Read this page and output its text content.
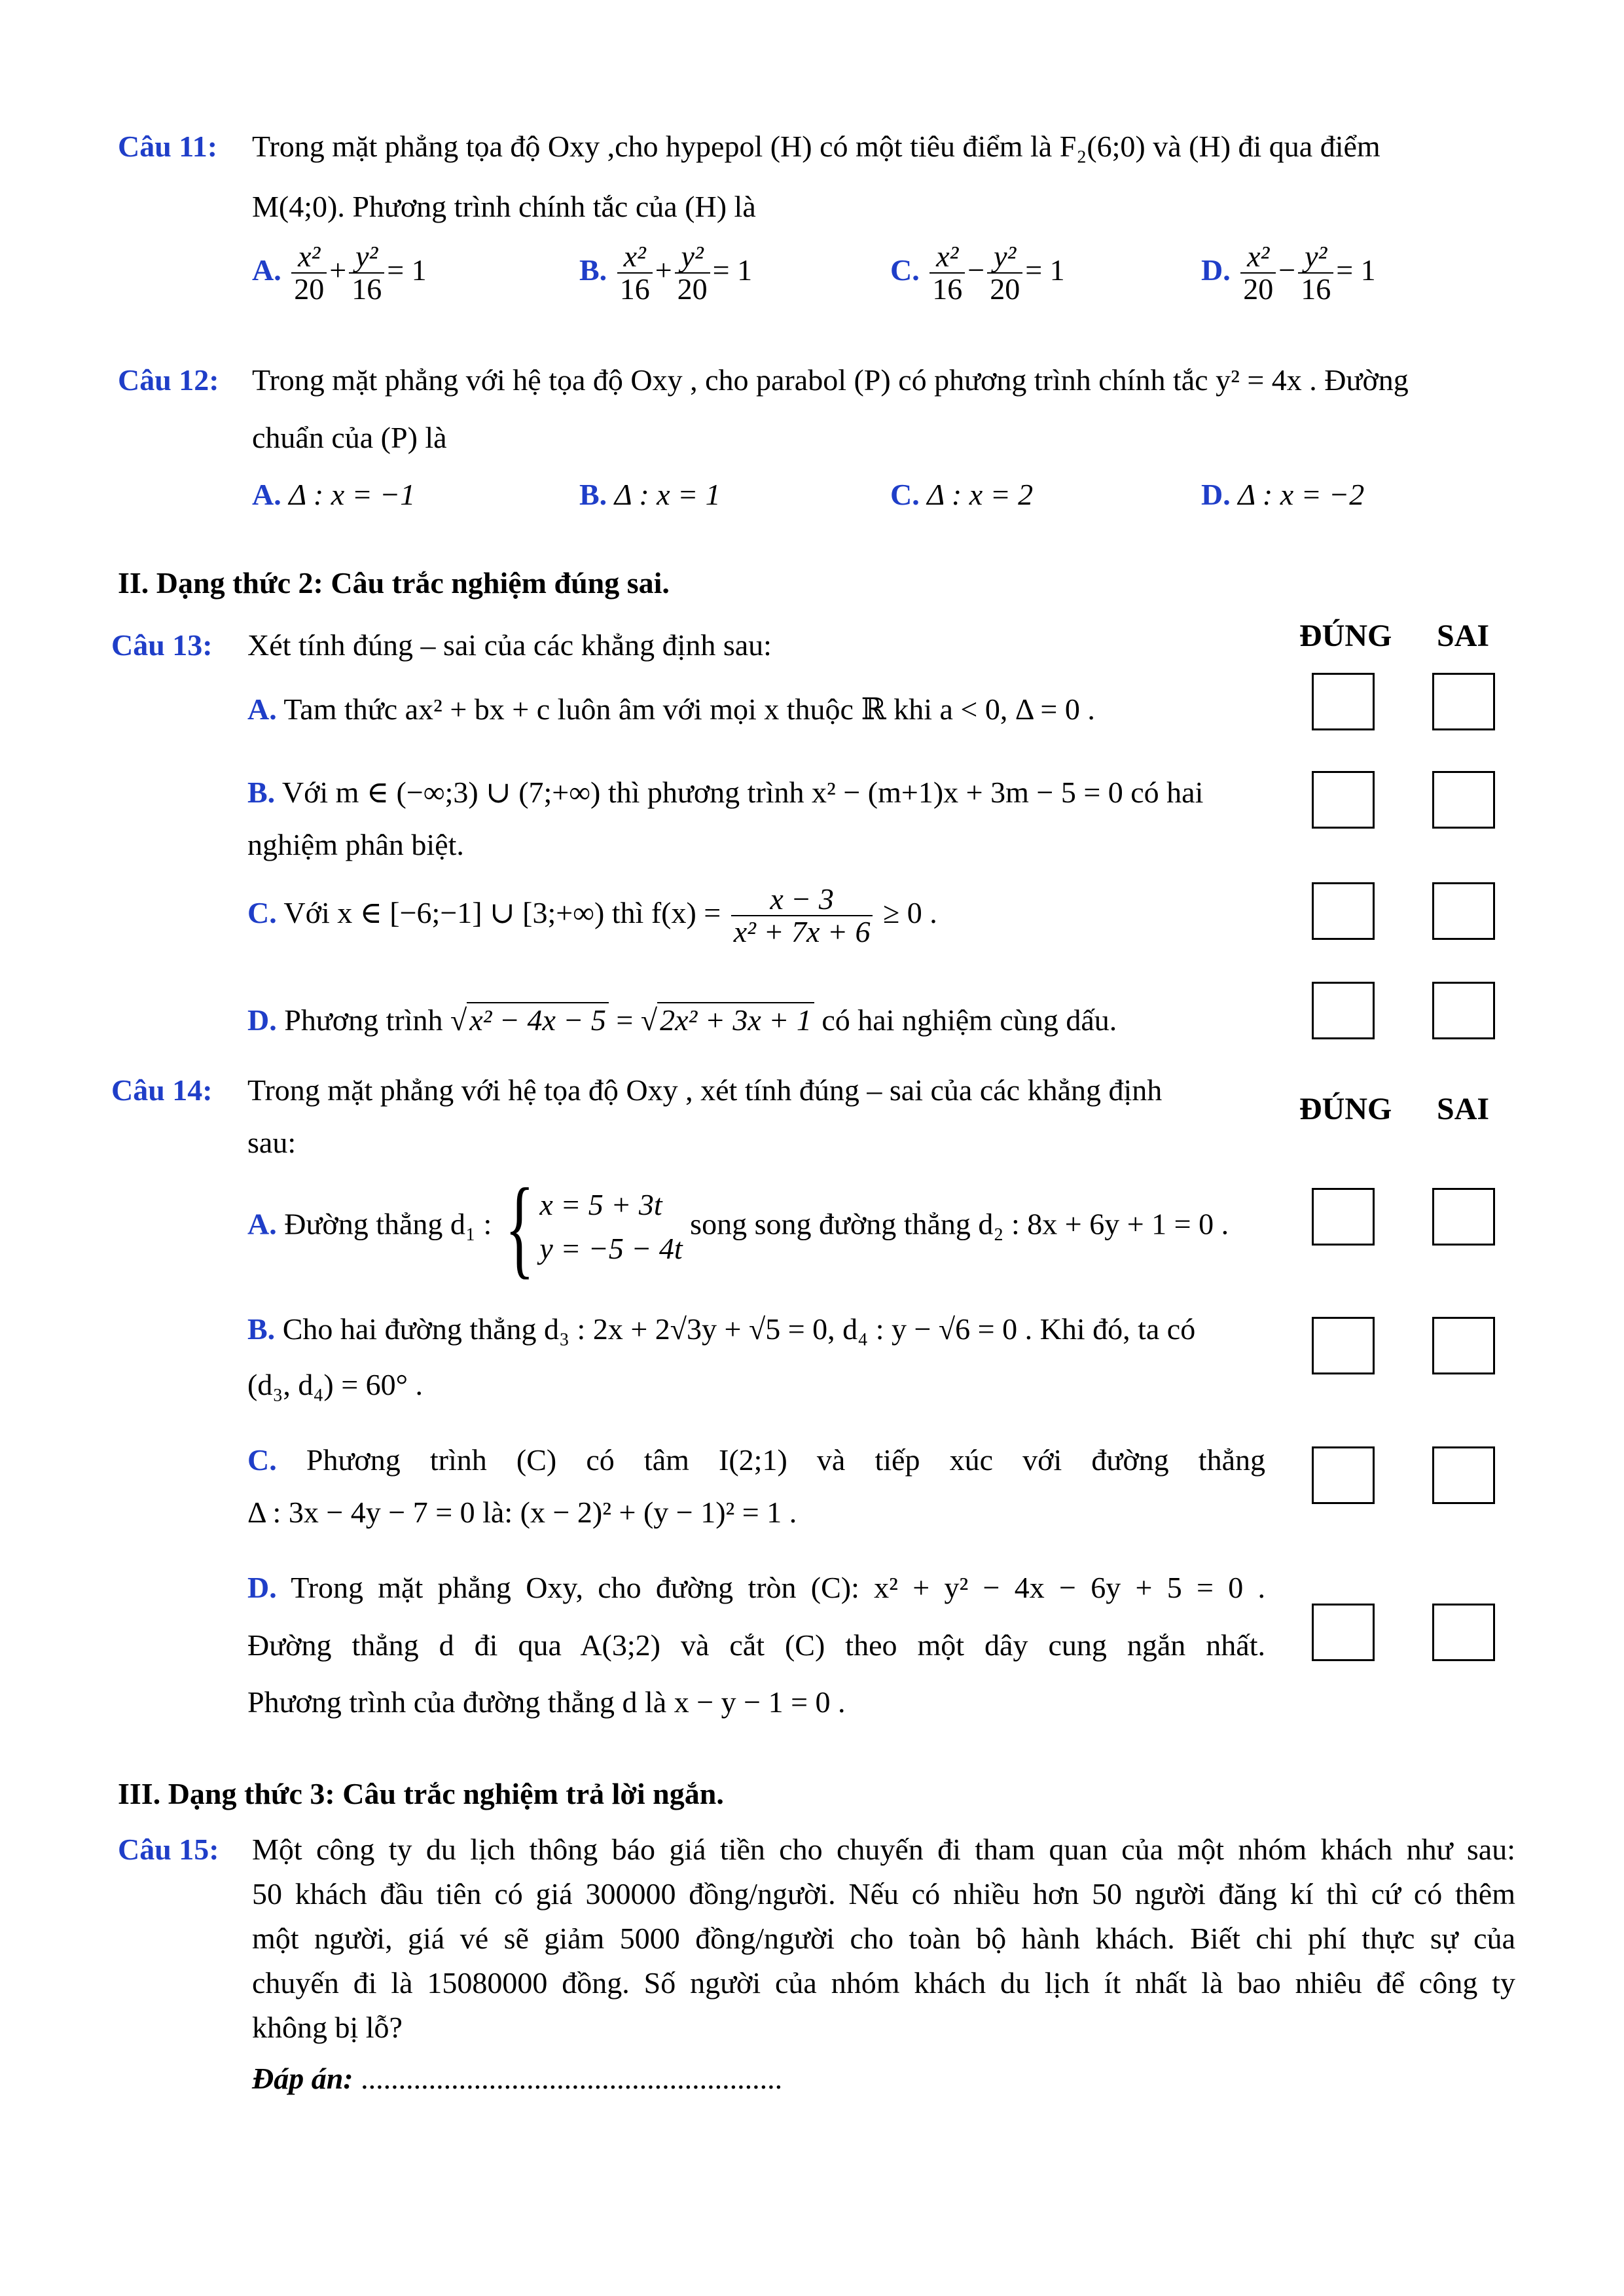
Câu 11: Trong mặt phẳng tọa độ Oxy ,cho hypepol (H) có một tiêu điểm là F₂(6;0) và (H) đi qua điểm
M(4;0). Phương trình chính tắc của (H) là
A. $\frac{\text{x²}}{20} + \frac{\text{y²}}{16} = 1$	B. $\frac{\text{x²}}{16} + \frac{\text{y²}}{20} = 1$	C. $\frac{\text{x²}}{16} - \frac{\text{y²}}{20} = 1$	D. $\frac{\text{x²}}{20} - \frac{\text{y²}}{16} = 1$
Câu 12: Trong mặt phẳng với hệ tọa độ Oxy , cho parabol (P) có phương trình chính tắc y² = 4x . Đường
chuẩn của (P) là
A. Δ : x = −1	B. Δ : x = 1	C. Δ : x = 2	D. Δ : x = −2
II. Dạng thức 2: Câu trắc nghiệm đúng sai.
Câu 13: Xét tính đúng – sai của các khẳng định sau:	ĐÚNG SAI
A. Tam thức ax² + bx + c luôn âm với mọi x thuộc ℝ khi a < 0, Δ = 0 .
B. Với m ∈ (−∞;3) ∪ (7;+∞) thì phương trình x² − (m+1)x + 3m − 5 = 0 có hai
nghiệm phân biệt.
C. Với x ∈ [−6;−1] ∪ [3;+∞) thì $f(x) = \frac{x - 3}{\text{x² + 7x + 6}} \ge 0$ .
D. Phương trình √x² − 4x − 5 = √2x² + 3x + 1 có hai nghiệm cùng dấu.
Câu 14: Trong mặt phẳng với hệ tọa độ Oxy , xét tính đúng – sai của các khẳng định
sau:
ĐÚNG SAI
A. Đường thẳng d₁ : { x = 5 + 3t
y = −5 − 4t
song song đường thẳng d₂ : 8x + 6y + 1 = 0 .
B. Cho hai đường thẳng d₃ : 2x + 2√3y + √5 = 0, d₄ : y − √6 = 0 . Khi đó, ta có
(d₃, d₄) = 60° .
C. Phương trình (C) có tâm I(2;1) và tiếp xúc với đường thẳng
Δ : 3x − 4y − 7 = 0 là: (x − 2)² + (y − 1)² = 1 .
D. Trong mặt phẳng Oxy, cho đường tròn (C): x² + y² − 4x − 6y + 5 = 0 .
Đường thẳng d đi qua A(3;2) và cắt (C) theo một dây cung ngắn nhất.
Phương trình của đường thẳng d là x − y − 1 = 0 .
III. Dạng thức 3: Câu trắc nghiệm trả lời ngắn.
Câu 15: Một công ty du lịch thông báo giá tiền cho chuyến đi tham quan của một nhóm khách như sau:
50 khách đầu tiên có giá 300000 đồng/người. Nếu có nhiều hơn 50 người đăng kí thì cứ có thêm
một người, giá vé sẽ giảm 5000 đồng/người cho toàn bộ hành khách. Biết chi phí thực sự của
chuyến đi là 15080000 đồng. Số người của nhóm khách du lịch ít nhất là bao nhiêu để công ty
không bị lỗ?
Đáp án: ........................................................
